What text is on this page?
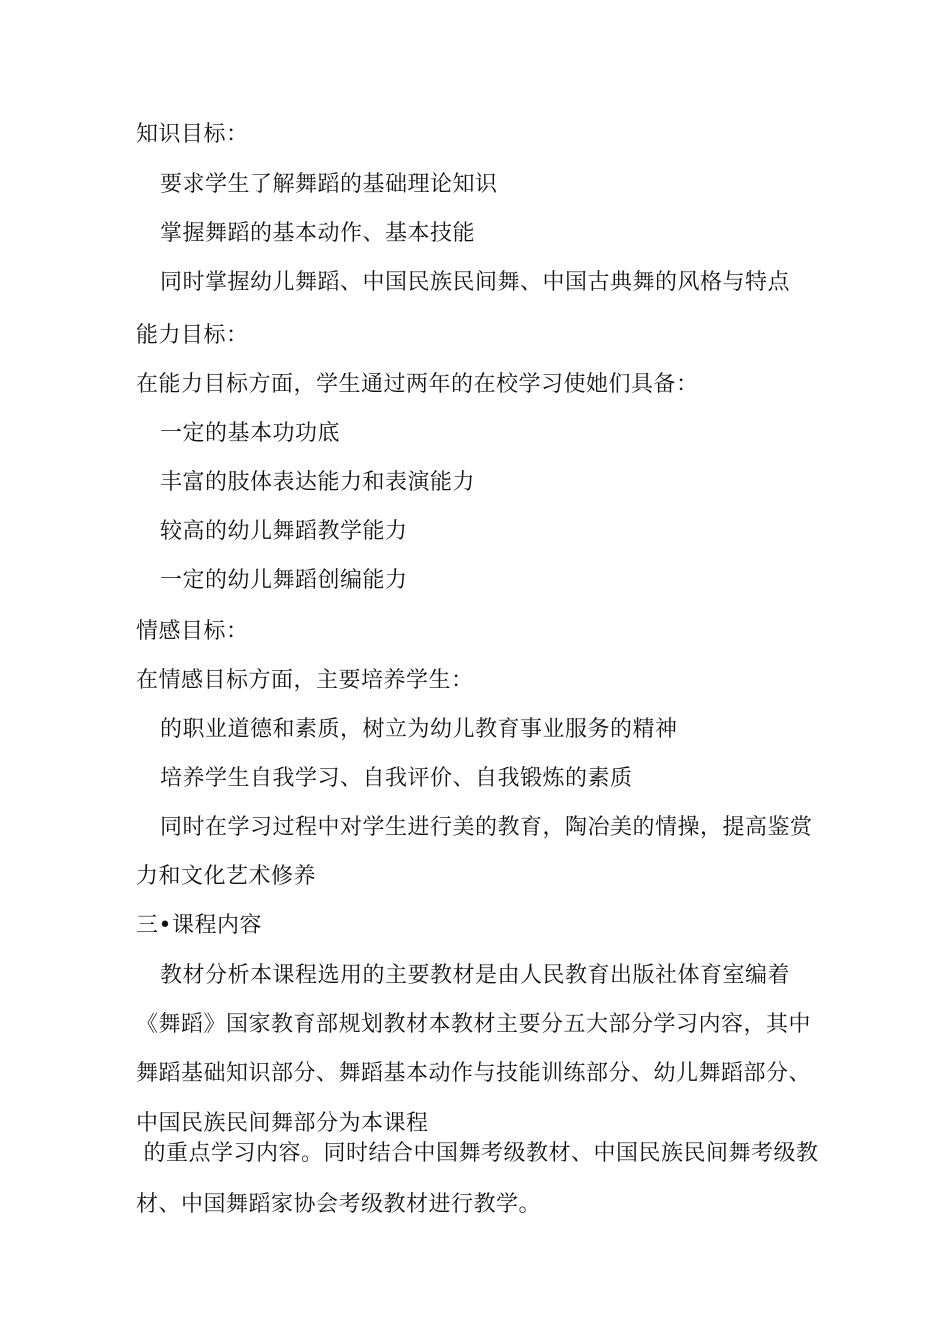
知识目标：
要求学生了解舞蹈的基础理论知识
掌握舞蹈的基本动作、基本技能
同时掌握幼儿舞蹈、中国民族民间舞、中国古典舞的风格与特点
能力目标：
在能力目标方面，学生通过两年的在校学习使她们具备：
一定的基本功功底
丰富的肢体表达能力和表演能力
较高的幼儿舞蹈教学能力
一定的幼儿舞蹈创编能力
情感目标：
在情感目标方面，主要培养学生：
的职业道德和素质，树立为幼儿教育事业服务的精神
培养学生自我学习、自我评价、自我锻炼的素质
同时在学习过程中对学生进行美的教育，陶冶美的情操，提高鉴赏
力和文化艺术修养
三•课程内容
教材分析本课程选用的主要教材是由人民教育出版社体育室编着
《舞蹈》国家教育部规划教材本教材主要分五大部分学习内容，其中
舞蹈基础知识部分、舞蹈基本动作与技能训练部分、幼儿舞蹈部分、
中国民族民间舞部分为本课程
的重点学习内容。同时结合中国舞考级教材、中国民族民间舞考级教
材、中国舞蹈家协会考级教材进行教学。
